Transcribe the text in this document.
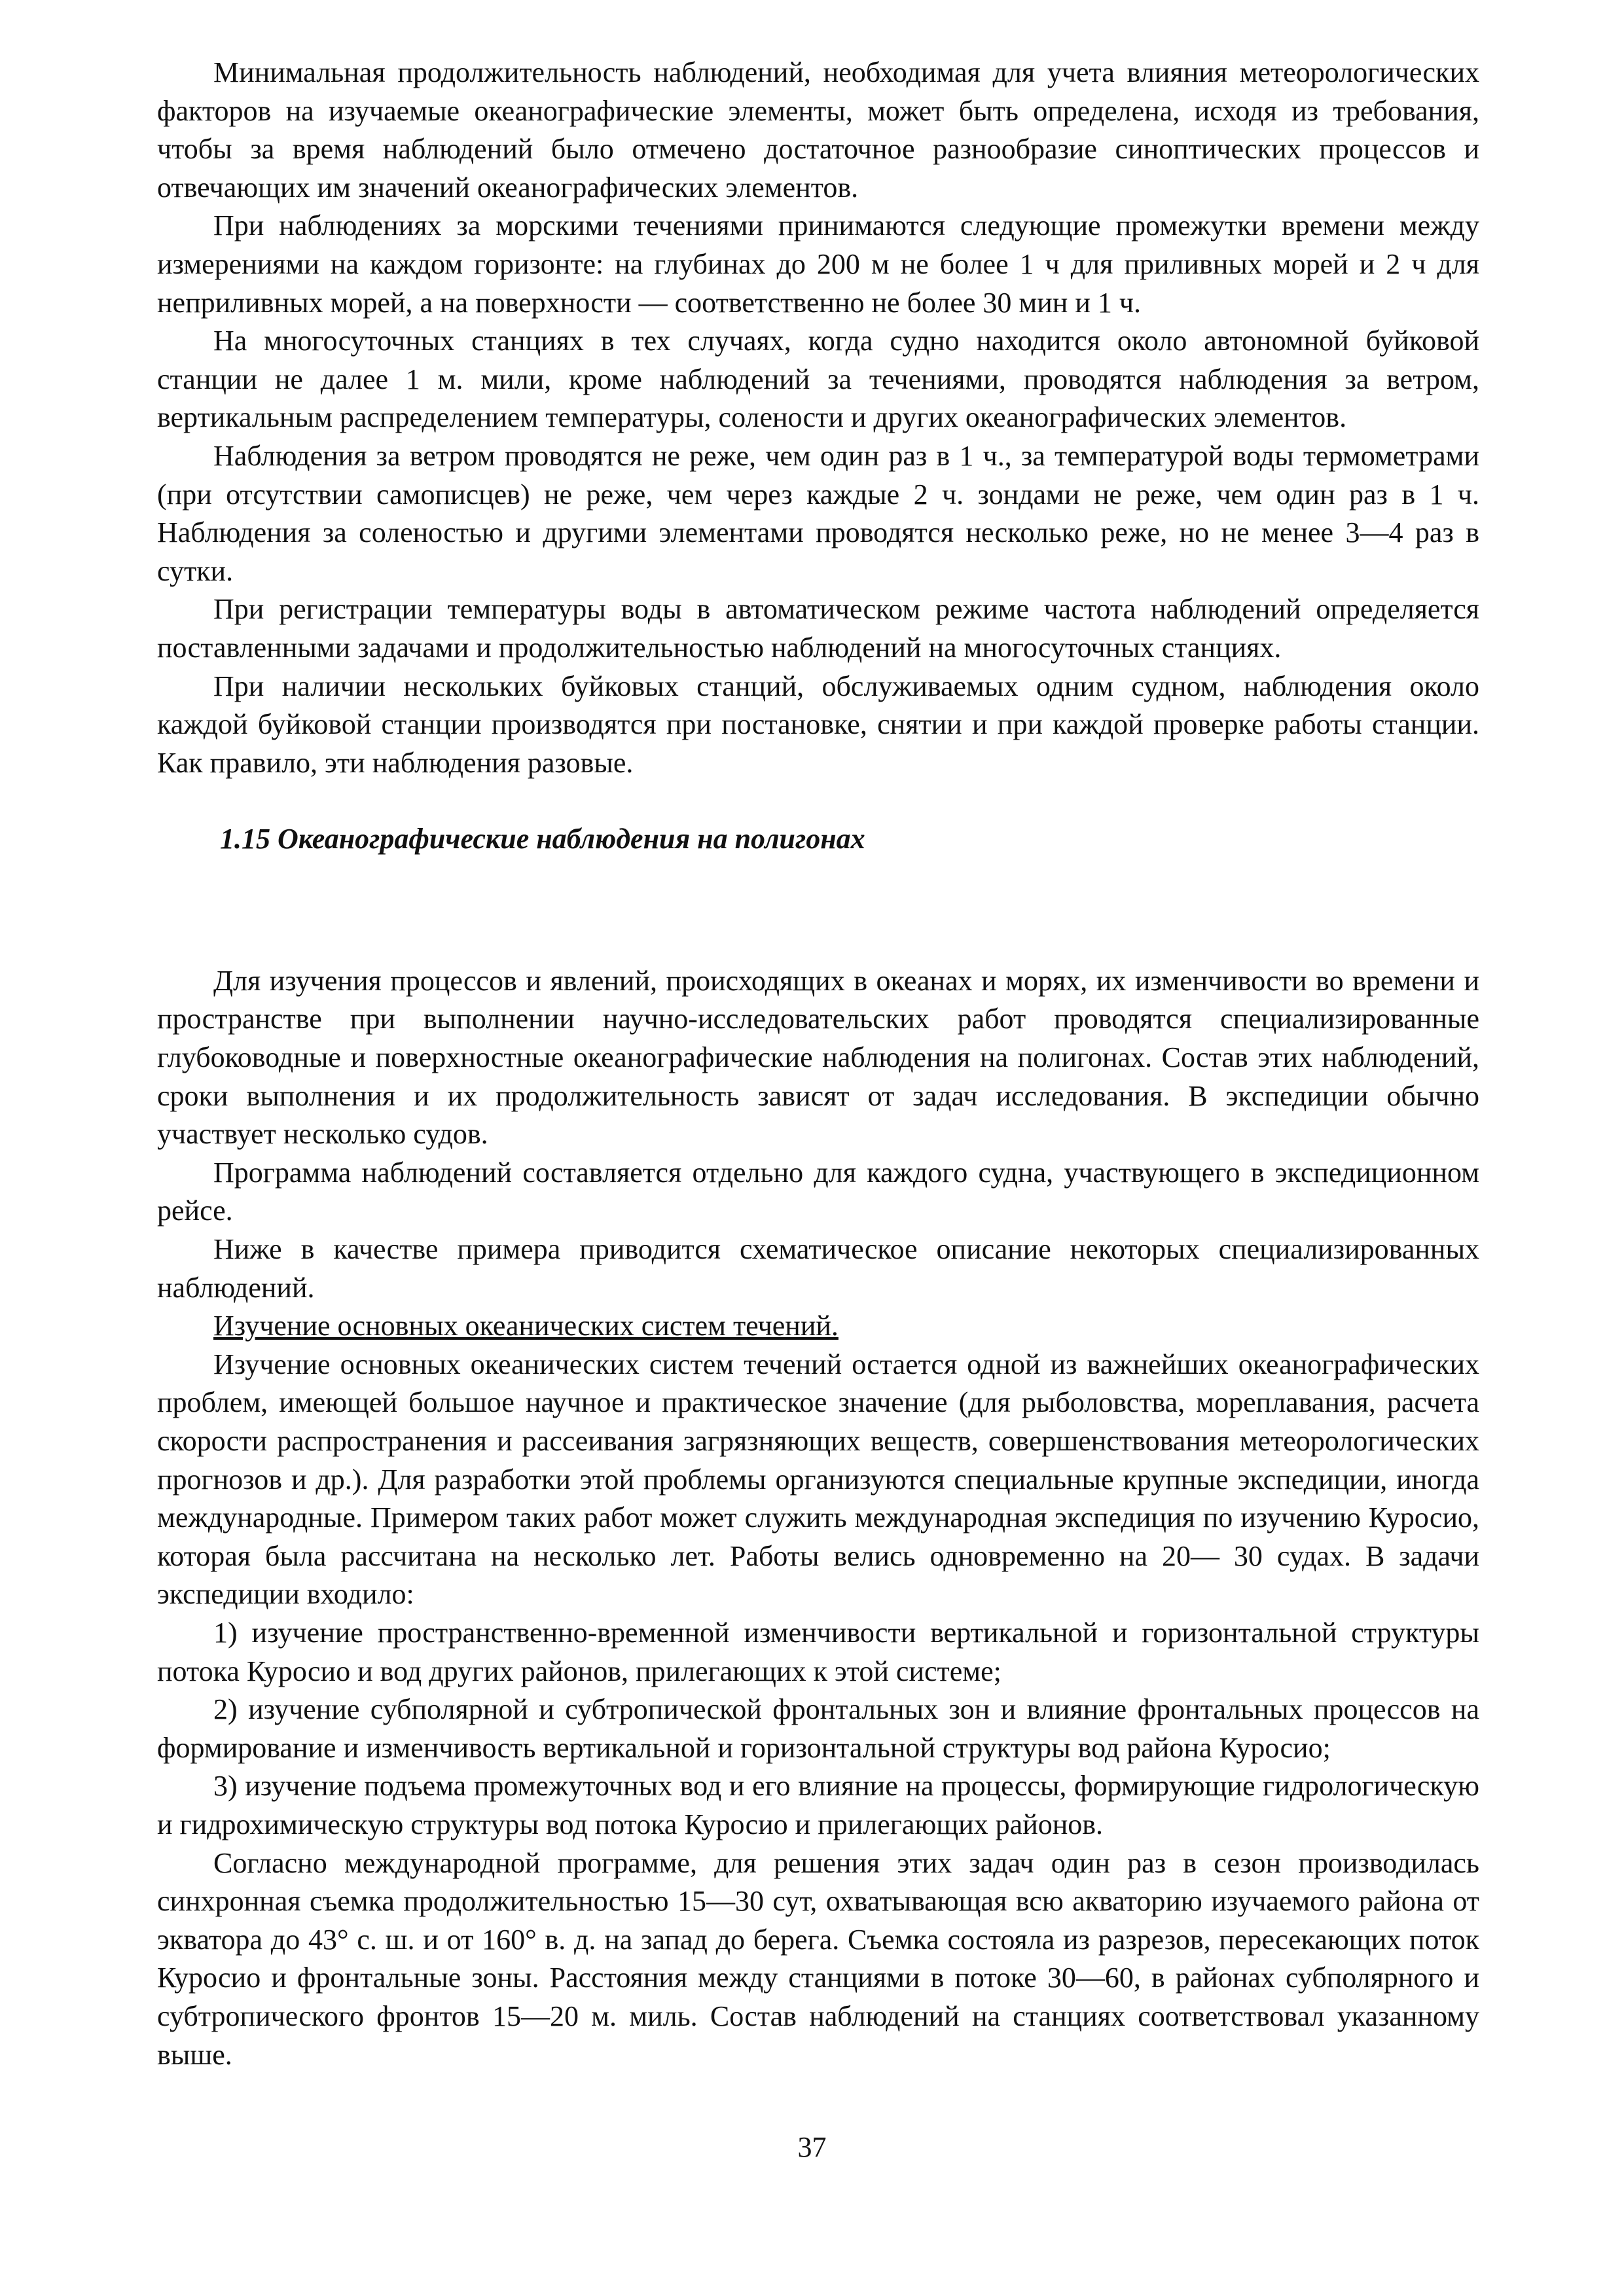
Минимальная продолжительность наблюдений, необходимая для учета влияния метеорологических факторов на изучаемые океанографические элементы, может быть определена, исходя из требования, чтобы за время наблюдений было отмечено достаточное разнообразие синоптических процессов и отвечающих им значений океанографических элементов.

При наблюдениях за морскими течениями принимаются следующие промежутки времени между измерениями на каждом горизонте: на глубинах до 200 м не более 1 ч для приливных морей и 2 ч для неприливных морей, а на поверхности — соответственно не более 30 мин и 1 ч.

На многосуточных станциях в тех случаях, когда судно находится около автономной буйковой станции не далее 1 м. мили, кроме наблюдений за течениями, проводятся наблюдения за ветром, вертикальным распределением температуры, солености и других океанографических элементов.

Наблюдения за ветром проводятся не реже, чем один раз в 1 ч., за температурой воды термометрами (при отсутствии самописцев) не реже, чем через каждые 2 ч. зондами не реже, чем один раз в 1 ч. Наблюдения за соленостью и другими элементами проводятся несколько реже, но не менее 3—4 раз в сутки.

При регистрации температуры воды в автоматическом режиме частота наблюдений определяется поставленными задачами и продолжительностью наблюдений на многосуточных станциях.

При наличии нескольких буйковых станций, обслуживаемых одним судном, наблюдения около каждой буйковой станции производятся при постановке, снятии и при каждой проверке работы станции. Как правило, эти наблюдения разовые.

1.15 Океанографические наблюдения на полигонах

Для изучения процессов и явлений, происходящих в океанах и морях, их изменчивости во времени и пространстве при выполнении научно-исследовательских работ проводятся специализированные глубоководные и поверхностные океанографические наблюдения на полигонах. Состав этих наблюдений, сроки выполнения и их продолжительность зависят от задач исследования. В экспедиции обычно участвует несколько судов.

Программа наблюдений составляется отдельно для каждого судна, участвующего в экспедиционном рейсе.

Ниже в качестве примера приводится схематическое описание некоторых специализированных наблюдений.

Изучение основных океанических систем течений.

Изучение основных океанических систем течений остается одной из важнейших океанографических проблем, имеющей большое научное и практическое значение (для рыболовства, мореплавания, расчета скорости распространения и рассеивания загрязняющих веществ, совершенствования метеорологических прогнозов и др.). Для разработки этой проблемы организуются специальные крупные экспедиции, иногда международные. Примером таких работ может служить международная экспедиция по изучению Куросио, которая была рассчитана на несколько лет. Работы велись одновременно на 20— 30 судах. В задачи экспедиции входило:

1) изучение пространственно-временной изменчивости вертикальной и горизонтальной структуры потока Куросио и вод других районов, прилегающих к этой системе;

2) изучение субполярной и субтропической фронтальных зон и влияние фронтальных процессов на формирование и изменчивость вертикальной и горизонтальной структуры вод района Куросио;

3) изучение подъема промежуточных вод и его влияние на процессы, формирующие гидрологическую и гидрохимическую структуры вод потока Куросио и прилегающих районов.

Согласно международной программе, для решения этих задач один раз в сезон производилась синхронная съемка продолжительностью 15—30 сут, охватывающая всю акваторию изучаемого района от экватора до 43° с. ш. и от 160° в. д. на запад до берега. Съемка состояла из разрезов, пересекающих поток Куросио и фронтальные зоны. Расстояния между станциями в потоке 30—60, в районах субполярного и субтропического фронтов 15—20 м. миль. Состав наблюдений на станциях соответствовал указанному выше.

37
